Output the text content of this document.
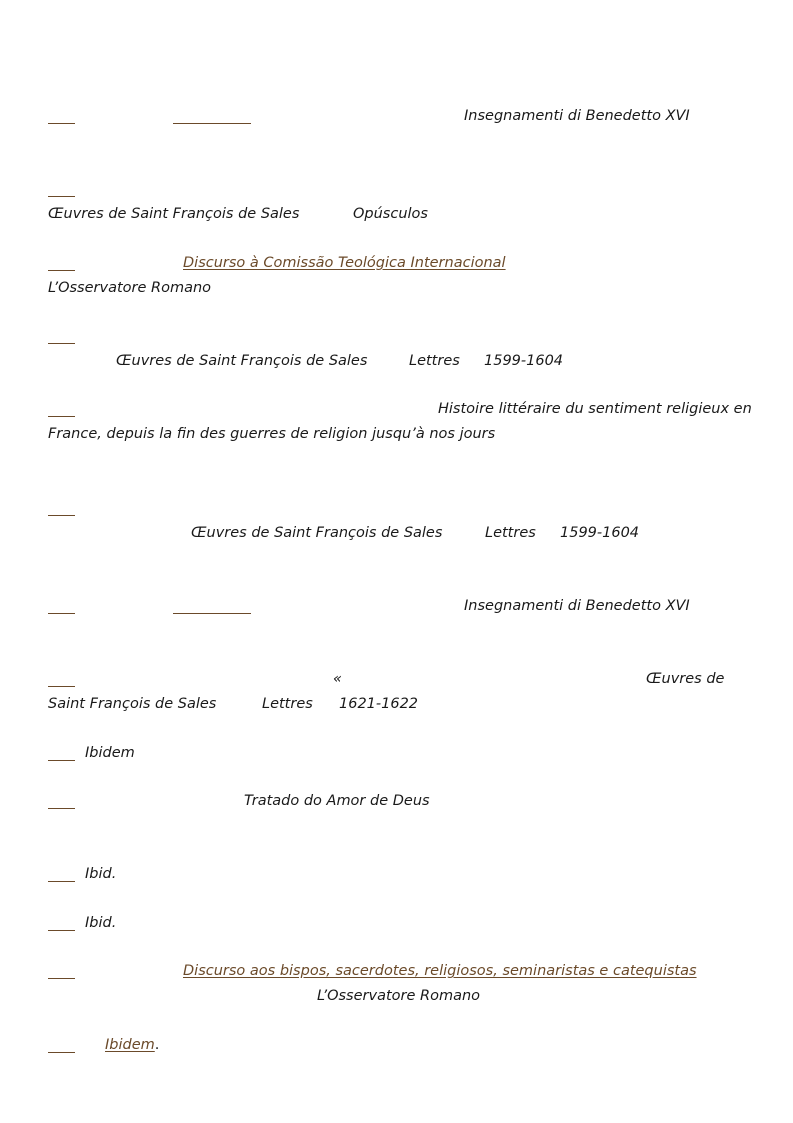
Insegnamenti di Benedetto XVI
Œuvres de Saint François de Sales	Opúsculos
Discurso à Comissão Teológica Internacional
L’Osservatore Romano
Œuvres de Saint François de Sales	Lettres 1599-1604
Histoire littéraire du sentiment religieux en
France, depuis la fin des guerres de religion jusqu’à nos jours
Œuvres de Saint François de Sales	Lettres 1599-1604
Insegnamenti di Benedetto XVI
«	Œuvres de
Saint François de Sales	Lettres 1621-1622
Ibidem
Tratado do Amor de Deus
Ibid.
Ibid.
Discurso aos bispos, sacerdotes, religiosos, seminaristas e catequistas
L’Osservatore Romano
Ibidem.
